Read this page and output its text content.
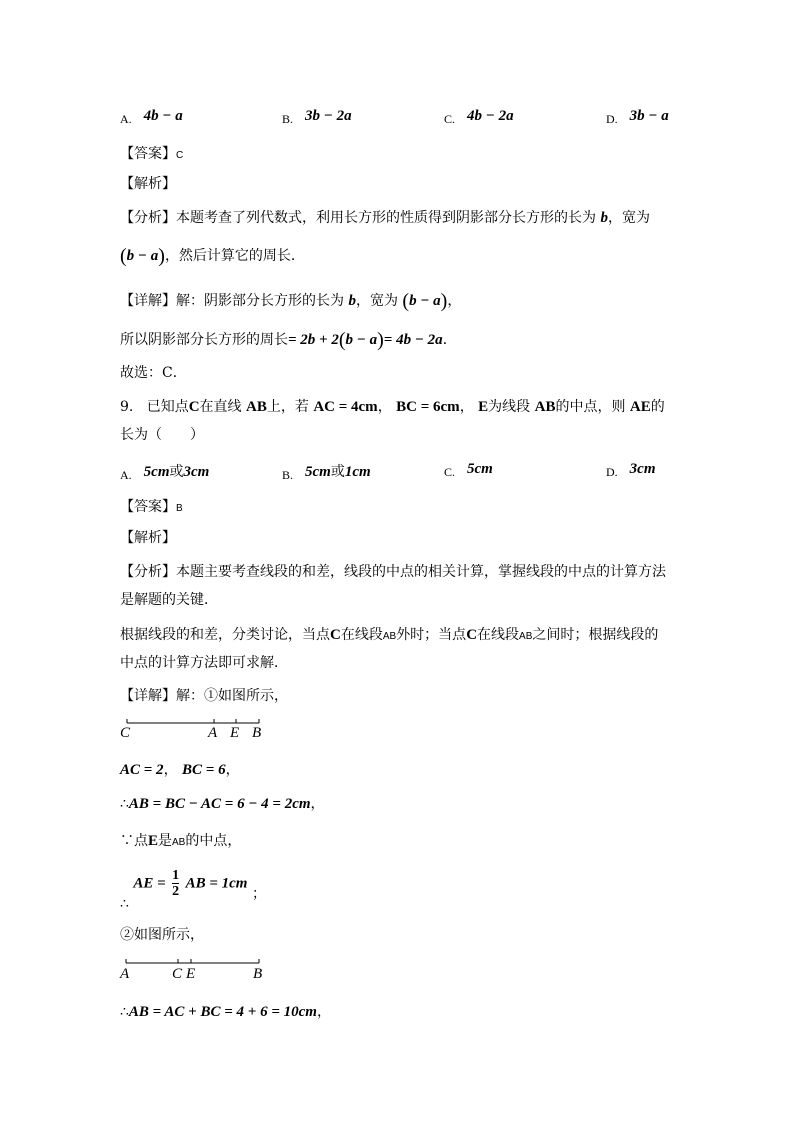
A. 4b − a	B. 3b − 2a	C. 4b − 2a	D. 3b − a
【答案】C
【解析】
【分析】本题考查了列代数式，利用长方形的性质得到阴影部分长方形的长为 b，宽为
(b − a)，然后计算它的周长．
【详解】解：阴影部分长方形的长为 b，宽为 (b − a)，
所以阴影部分长方形的周长= 2b + 2(b − a)= 4b − 2a．
故选：C．
9. 已知点C在直线 AB上，若 AC = 4cm， BC = 6cm， E为线段 AB的中点，则 AE的
长为（　　）
A. 5cm 或 3cm	B. 5cm 或 1cm	C. 5cm	D. 3cm
【答案】B
【解析】
【分析】本题主要考查线段的和差，线段的中点的相关计算，掌握线段的中点的计算方法
是解题的关键．
根据线段的和差，分类讨论，当点C在线段AB外时；当点C在线段AB之间时；根据线段的
中点的计算方法即可求解．
【详解】解：①如图所示，
C	A E B
AC = 2， BC = 6，
∴AB = BC − AC = 6 − 4 = 2cm，
∵点E是AB的中点，
∴ AE = $\frac{1}{2}$ AB = 1cm ；
②如图所示，
A	C E	B
∴AB = AC + BC = 4 + 6 = 10cm，
